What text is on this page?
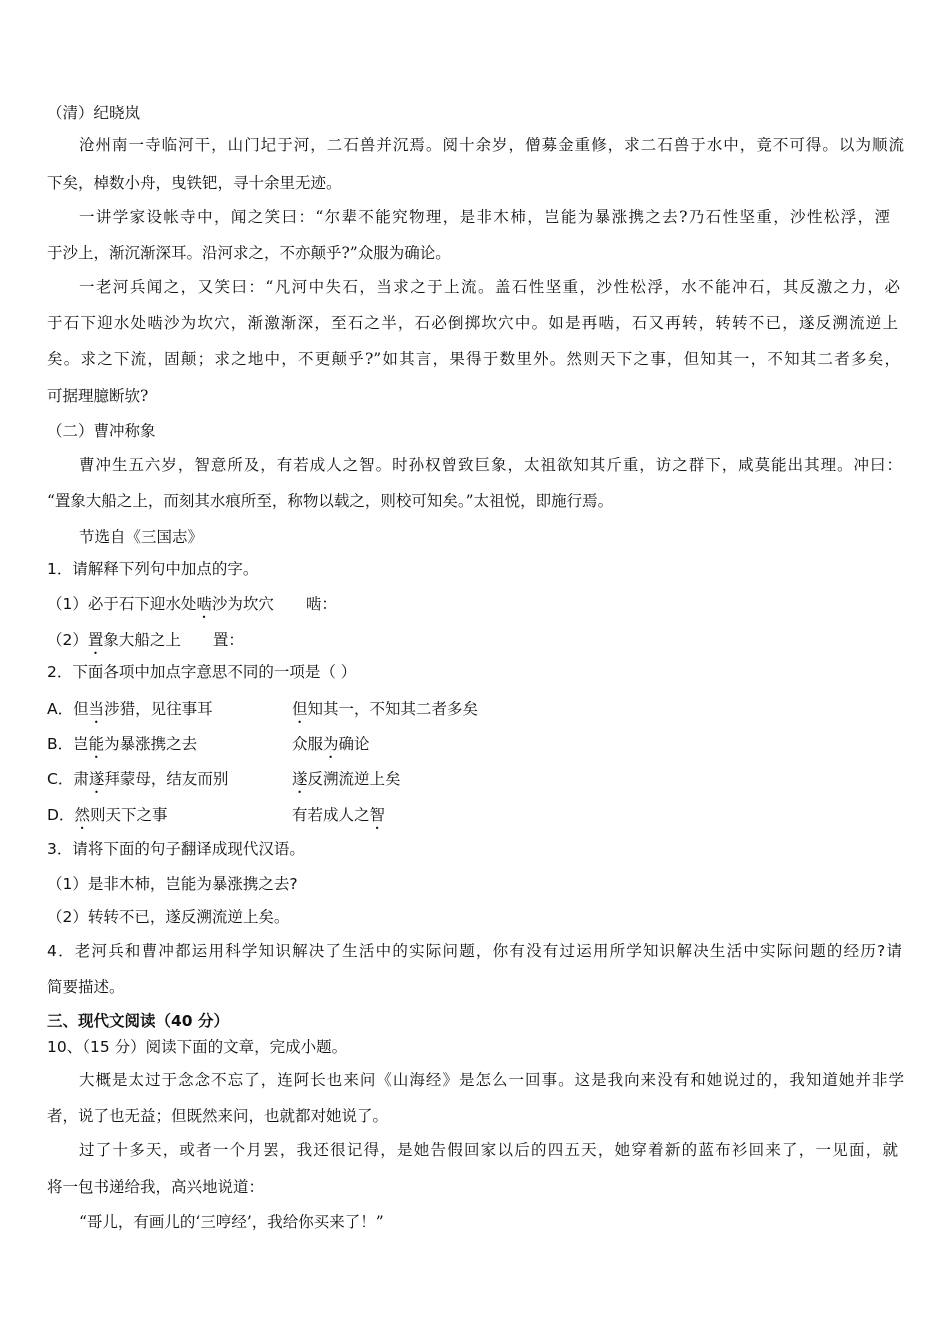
（清）纪晓岚
沧州南一寺临河干，山门圮于河，二石兽并沉焉。阅十余岁，僧募金重修，求二石兽于水中，竟不可得。以为顺流
下矣，棹数小舟，曳铁钯，寻十余里无迹。
一讲学家设帐寺中，闻之笑曰：“尔辈不能究物理，是非木杮，岂能为暴涨携之去?乃石性坚重，沙性松浮，湮
于沙上，渐沉渐深耳。沿河求之，不亦颠乎?”众服为确论。
一老河兵闻之，又笑曰：“凡河中失石，当求之于上流。盖石性坚重，沙性松浮，水不能冲石，其反激之力，必
于石下迎水处啮沙为坎穴，渐激渐深，至石之半，石必倒掷坎穴中。如是再啮，石又再转，转转不已，遂反溯流逆上
矣。求之下流，固颠；求之地中，不更颠乎?”如其言，果得于数里外。然则天下之事，但知其一，不知其二者多矣，
可据理臆断欤?
（二）曹冲称象
曹冲生五六岁，智意所及，有若成人之智。时孙权曾致巨象，太祖欲知其斤重，访之群下，咸莫能出其理。冲曰：
“置象大船之上，而刻其水痕所至，称物以载之，则校可知矣。”太祖悦，即施行焉。
节选自《三国志》
1．请解释下列句中加点的字。
（1）必于石下迎水处啮沙为坎穴 啮：
（2）置象大船之上 置：
2．下面各项中加点字意思不同的一项是（ ）
A．但当涉猎，见往事耳	但知其一，不知其二者多矣
B．岂能为暴涨携之去	众服为确论
C．肃遂拜蒙母，结友而别	遂反溯流逆上矣
D．然则天下之事	有若成人之智
3．请将下面的句子翻译成现代汉语。
（1）是非木杮，岂能为暴涨携之去?
（2）转转不已，遂反溯流逆上矣。
4．老河兵和曹冲都运用科学知识解决了生活中的实际问题，你有没有过运用所学知识解决生活中实际问题的经历?请
简要描述。
三、现代文阅读（40 分）
10、（15 分）阅读下面的文章，完成小题。
大概是太过于念念不忘了，连阿长也来问《山海经》是怎么一回事。这是我向来没有和她说过的，我知道她并非学
者，说了也无益；但既然来问，也就都对她说了。
过了十多天，或者一个月罢，我还很记得，是她告假回家以后的四五天，她穿着新的蓝布衫回来了，一见面，就
将一包书递给我，高兴地说道：
“哥儿，有画儿的‘三哼经’，我给你买来了！”
